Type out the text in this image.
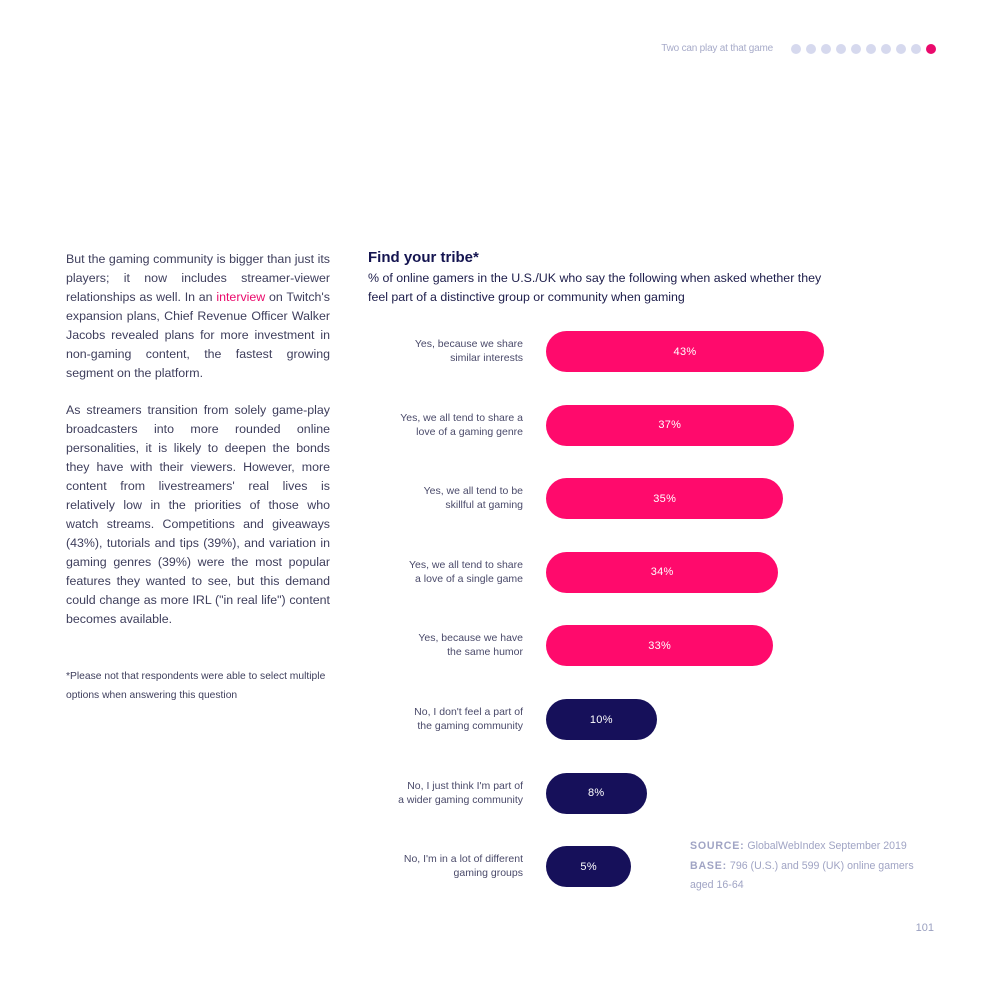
Two can play at that game

But the gaming community is bigger than just its players; it now includes streamer-viewer relationships as well. In an interview on Twitch's expansion plans, Chief Revenue Officer Walker Jacobs revealed plans for more investment in non-gaming content, the fastest growing segment on the platform.

As streamers transition from solely game-play broadcasters into more rounded online personalities, it is likely to deepen the bonds they have with their viewers. However, more content from livestreamers' real lives is relatively low in the priorities of those who watch streams. Competitions and giveaways (43%), tutorials and tips (39%), and variation in gaming genres (39%) were the most popular features they wanted to see, but this demand could change as more IRL ("in real life") content becomes available.

*Please not that respondents were able to select multiple options when answering this question
Find your tribe*
% of online gamers in the U.S./UK who say the following when asked whether they feel part of a distinctive group or community when gaming
Yes, because we share
similar interests
43%
Yes, we all tend to share a
love of a gaming genre
37%
Yes, we all tend to be
skillful at gaming
35%
Yes, we all tend to share
a love of a single game
34%
Yes, because we have
the same humor
33%
No, I don't feel a part of
the gaming community
10%
No, I just think I'm part of
a wider gaming community
8%
No, I'm in a lot of different
gaming groups
5%
SOURCE: GlobalWebIndex September 2019
BASE: 796 (U.S.) and 599 (UK) online gamers aged 16-64
101
